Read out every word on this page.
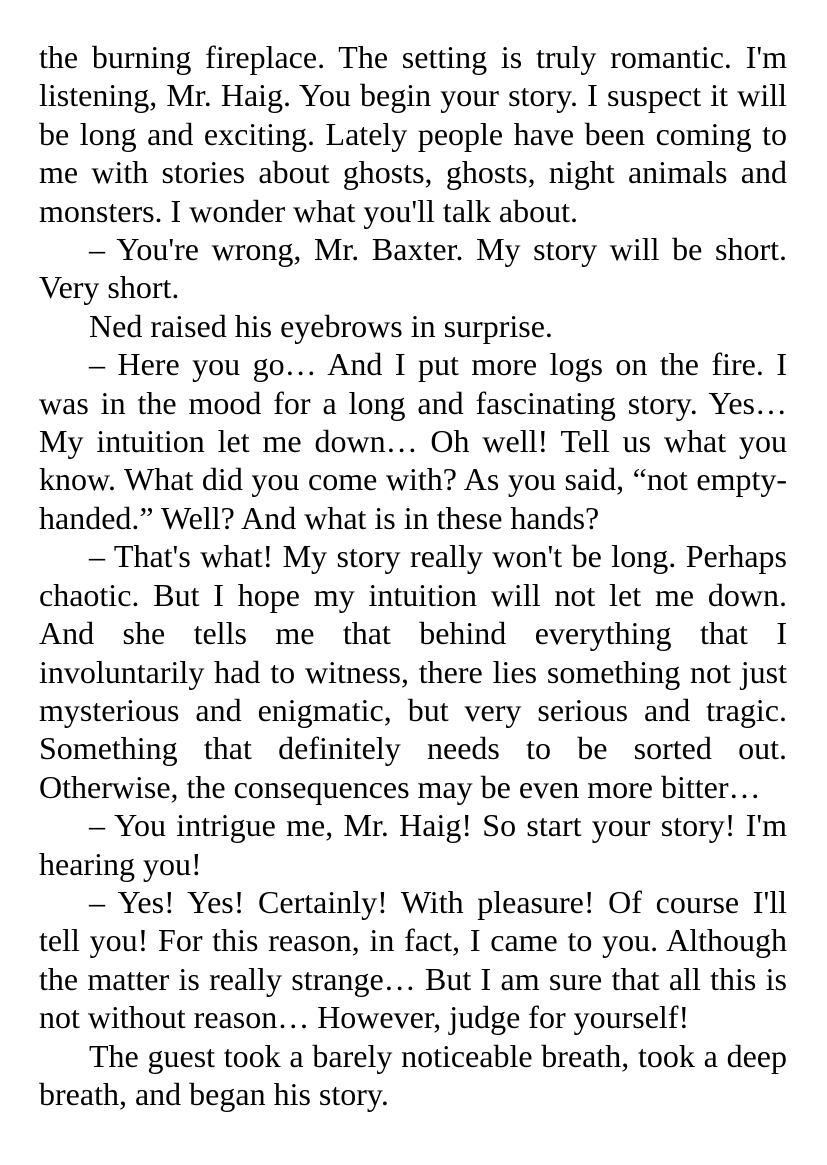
the burning fireplace. The setting is truly romantic. I'm listening, Mr. Haig. You begin your story. I suspect it will be long and exciting. Lately people have been coming to me with stories about ghosts, ghosts, night animals and monsters. I wonder what you'll talk about.

– You're wrong, Mr. Baxter. My story will be short. Very short.

Ned raised his eyebrows in surprise.

– Here you go… And I put more logs on the fire. I was in the mood for a long and fascinating story. Yes… My intuition let me down… Oh well! Tell us what you know. What did you come with? As you said, “not empty-handed.” Well? And what is in these hands?

– That's what! My story really won't be long. Perhaps chaotic. But I hope my intuition will not let me down. And she tells me that behind everything that I involuntarily had to witness, there lies something not just mysterious and enigmatic, but very serious and tragic. Something that definitely needs to be sorted out. Otherwise, the consequences may be even more bitter…

– You intrigue me, Mr. Haig! So start your story! I'm hearing you!

– Yes! Yes! Certainly! With pleasure! Of course I'll tell you! For this reason, in fact, I came to you. Although the matter is really strange… But I am sure that all this is not without reason… However, judge for yourself!

The guest took a barely noticeable breath, took a deep breath, and began his story.
